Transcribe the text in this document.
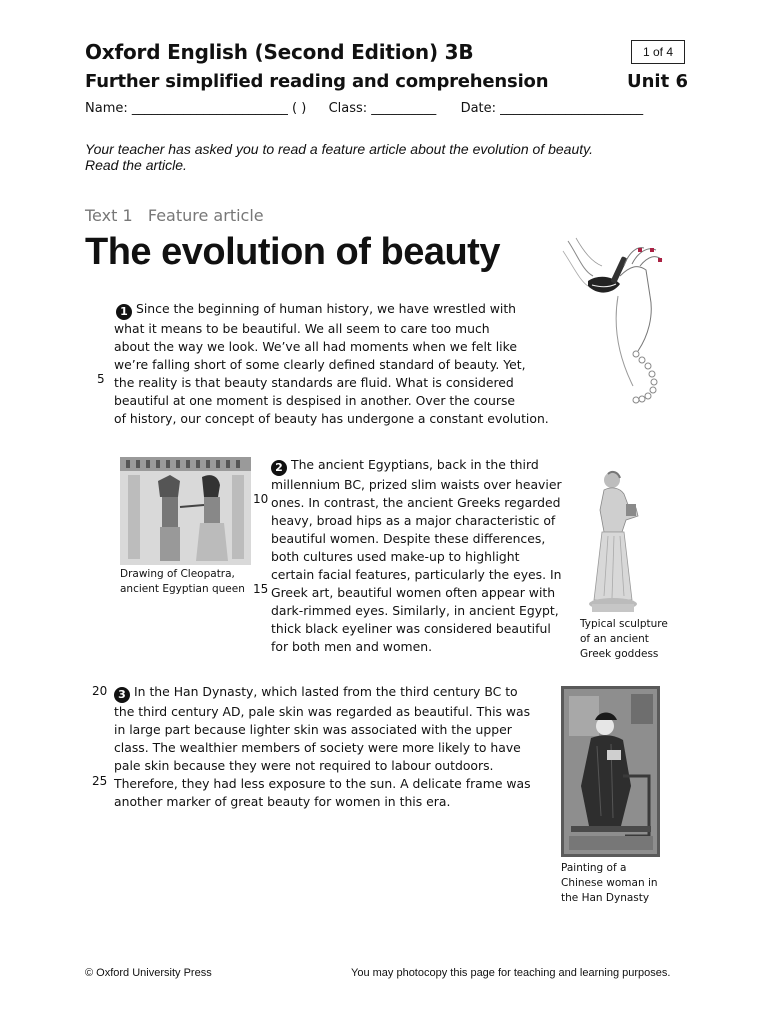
Oxford English (Second Edition) 3B	1 of 4
Further simplified reading and comprehension	Unit 6
Name: ________________________ ( ) Class: __________ Date: ______________________
Your teacher has asked you to read a feature article about the evolution of beauty.
Read the article.
Text 1   Feature article
The evolution of beauty
1 Since the beginning of human history, we have wrestled with
what it means to be beautiful. We all seem to care too much
about the way we look. We’ve all had moments when we felt like
we’re falling short of some clearly defined standard of beauty. Yet,
the reality is that beauty standards are fluid. What is considered
beautiful at one moment is despised in another. Over the course
of history, our concept of beauty has undergone a constant evolution.
5
Drawing of Cleopatra,
ancient Egyptian queen
2 The ancient Egyptians, back in the third
millennium BC, prized slim waists over heavier
ones. In contrast, the ancient Greeks regarded
heavy, broad hips as a major characteristic of
beautiful women. Despite these differences,
both cultures used make-up to highlight
certain facial features, particularly the eyes. In
Greek art, beautiful women often appear with
dark-rimmed eyes. Similarly, in ancient Egypt,
thick black eyeliner was considered beautiful
for both men and women.
10
15
Typical sculpture
of an ancient
Greek goddess
3 In the Han Dynasty, which lasted from the third century BC to
the third century AD, pale skin was regarded as beautiful. This was
in large part because lighter skin was associated with the upper
class. The wealthier members of society were more likely to have
pale skin because they were not required to labour outdoors.
Therefore, they had less exposure to the sun. A delicate frame was
another marker of great beauty for women in this era.
20
25
Painting of a
Chinese woman in
the Han Dynasty
© Oxford University Press	You may photocopy this page for teaching and learning purposes.
